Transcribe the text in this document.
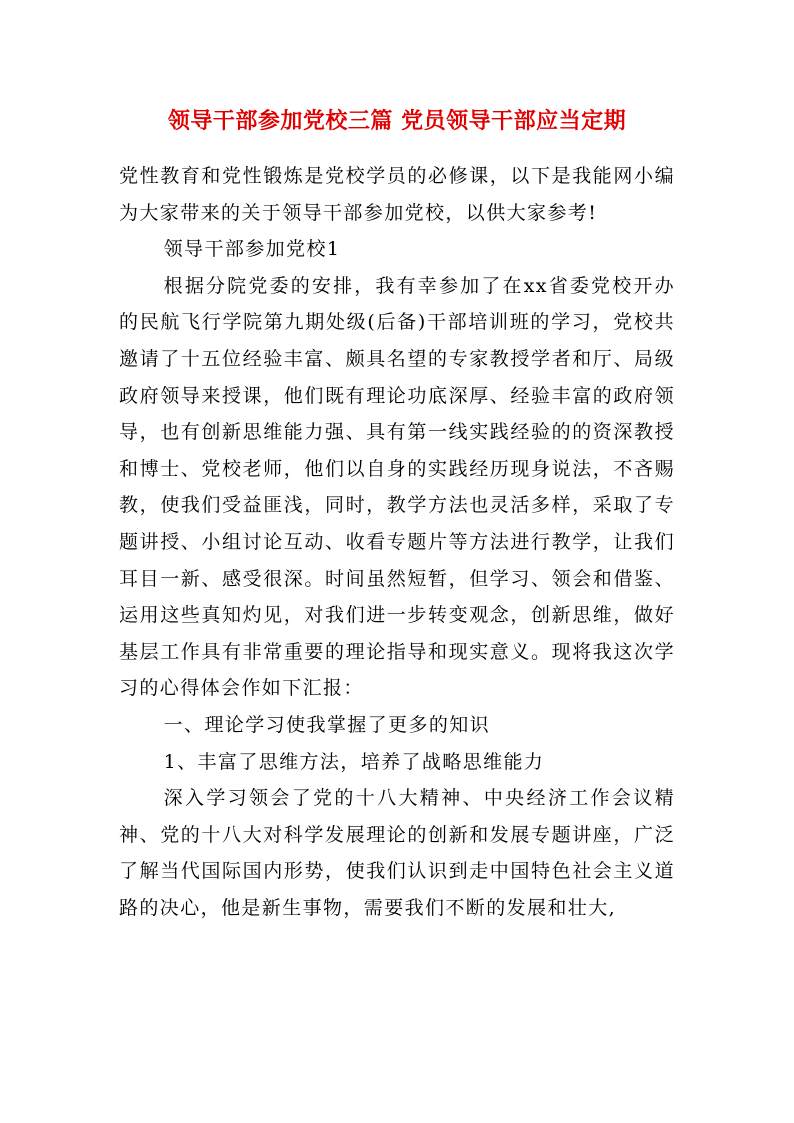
领导干部参加党校三篇 党员领导干部应当定期

党性教育和党性锻炼是党校学员的必修课，以下是我能网小编为大家带来的关于领导干部参加党校，以供大家参考!

领导干部参加党校1

根据分院党委的安排，我有幸参加了在xx省委党校开办的民航飞行学院第九期处级(后备)干部培训班的学习，党校共邀请了十五位经验丰富、颇具名望的专家教授学者和厅、局级政府领导来授课，他们既有理论功底深厚、经验丰富的政府领导，也有创新思维能力强、具有第一线实践经验的的资深教授和博士、党校老师，他们以自身的实践经历现身说法，不吝赐教，使我们受益匪浅，同时，教学方法也灵活多样，采取了专题讲授、小组讨论互动、收看专题片等方法进行教学，让我们耳目一新、感受很深。时间虽然短暂，但学习、领会和借鉴、运用这些真知灼见，对我们进一步转变观念，创新思维，做好基层工作具有非常重要的理论指导和现实意义。现将我这次学习的心得体会作如下汇报：

一、理论学习使我掌握了更多的知识

1、丰富了思维方法，培养了战略思维能力

深入学习领会了党的十八大精神、中央经济工作会议精神、党的十八大对科学发展理论的创新和发展专题讲座，广泛了解当代国际国内形势，使我们认识到走中国特色社会主义道路的决心，他是新生事物，需要我们不断的发展和壮大,
